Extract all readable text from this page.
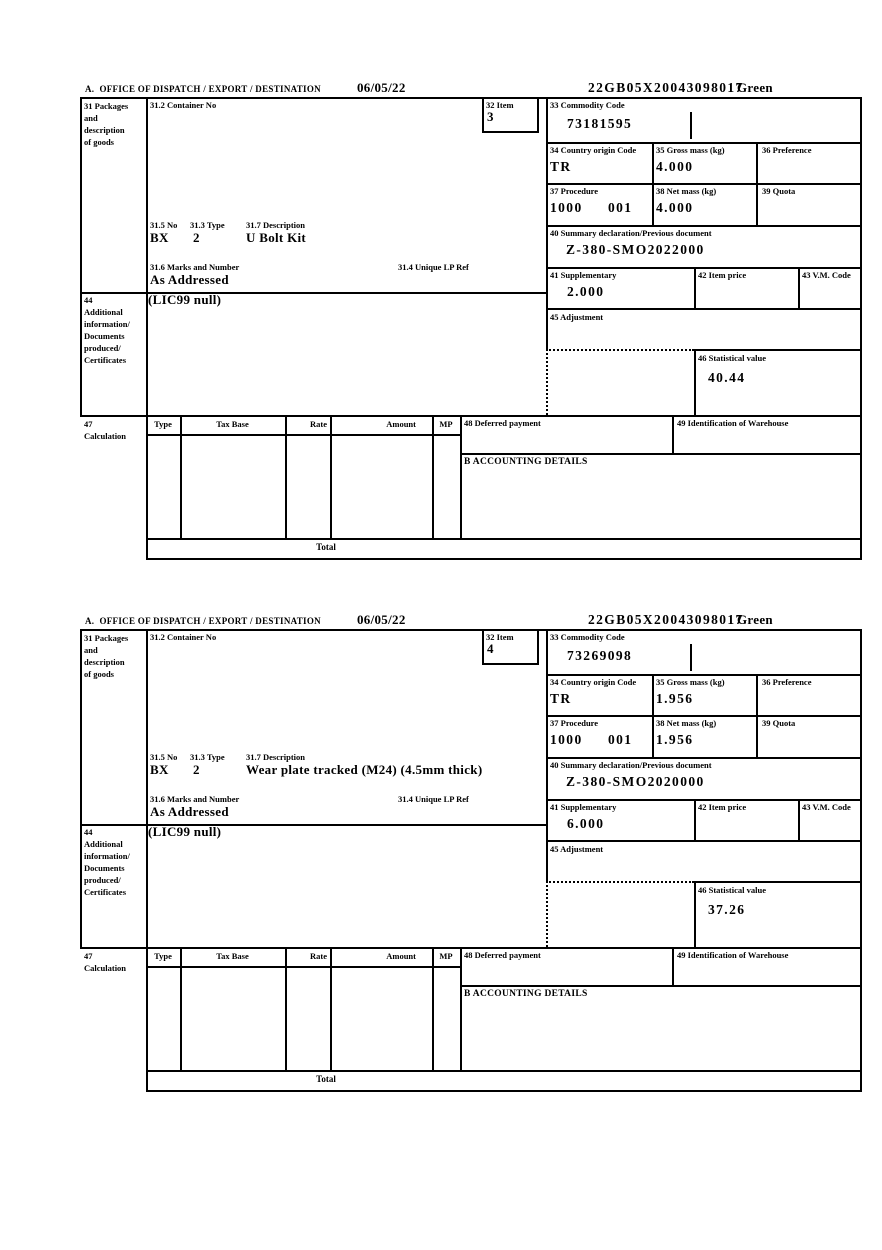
A.  OFFICE OF DISPATCH / EXPORT / DESTINATION	06/05/22	22GB05X20043098017
Green
31 Packages
and
description
of goods
44
Additional
information/
Documents
produced/
Certificates
47
Calculation
31.2 Container No	32 Item
3
31.5 No 31.3 Type	31.7 Description
BX 2	U Bolt Kit
31.6 Marks and Number	31.4 Unique LP Ref
As Addressed
(LIC99 null)
33 Commodity Code
73181595
34 Country origin Code
TR
35 Gross mass (kg)
4.000
36 Preference
37 Procedure
1000 001
38 Net mass (kg)
4.000
39 Quota
40 Summary declaration/Previous document
Z-380-SMO2022000
41 Supplementary
2.000
42 Item price	43 V.M. Code
45 Adjustment
46 Statistical value
40.44
Type	Tax Base	Rate	Amount	MP
Total
48 Deferred payment	49 Identification of Warehouse
B ACCOUNTING DETAILS
A.  OFFICE OF DISPATCH / EXPORT / DESTINATION	06/05/22	22GB05X20043098017
Green
31 Packages
and
description
of goods
44
Additional
information/
Documents
produced/
Certificates
47
Calculation
31.2 Container No	32 Item
4
31.5 No 31.3 Type	31.7 Description
BX 2	Wear plate tracked (M24) (4.5mm thick)
31.6 Marks and Number	31.4 Unique LP Ref
As Addressed
(LIC99 null)
33 Commodity Code
73269098
34 Country origin Code
TR
35 Gross mass (kg)
1.956
36 Preference
37 Procedure
1000 001
38 Net mass (kg)
1.956
39 Quota
40 Summary declaration/Previous document
Z-380-SMO2020000
41 Supplementary
6.000
42 Item price	43 V.M. Code
45 Adjustment
46 Statistical value
37.26
Type	Tax Base	Rate	Amount	MP
Total
48 Deferred payment	49 Identification of Warehouse
B ACCOUNTING DETAILS
